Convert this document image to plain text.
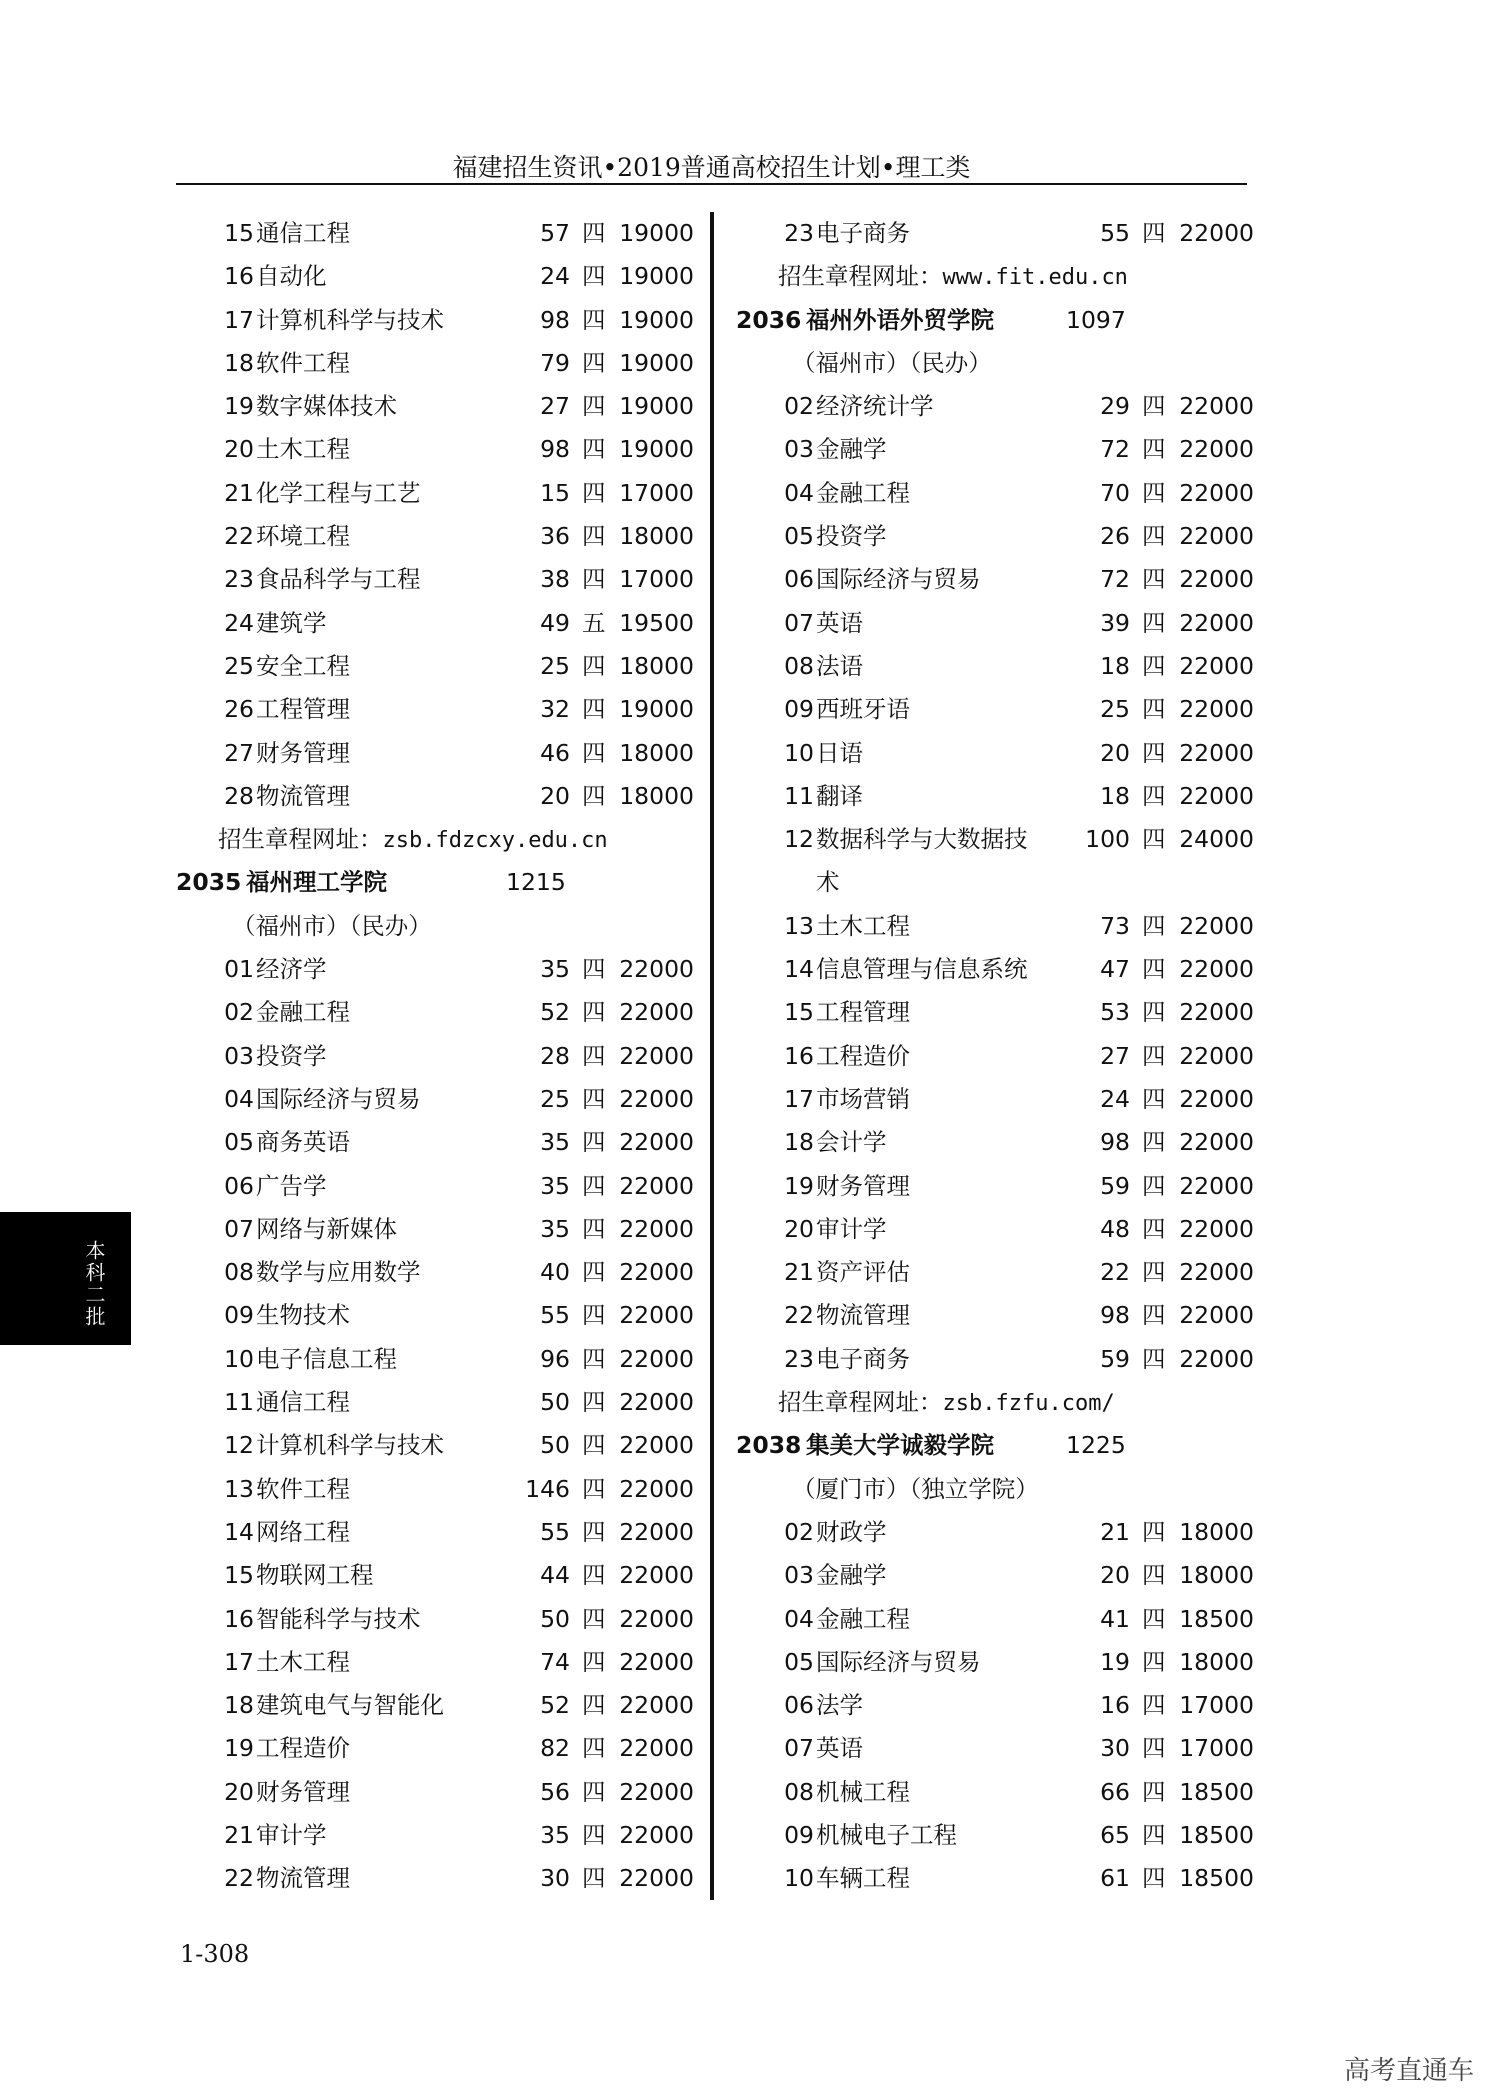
福建招生资讯•2019普通高校招生计划•理工类
15 通信工程	57 四 19000
16 自动化	24 四 19000
17 计算机科学与技术	98 四 19000
18 软件工程	79 四 19000
19 数字媒体技术	27 四 19000
20 土木工程	98 四 19000
21 化学工程与工艺	15 四 17000
22 环境工程	36 四 18000
23 食品科学与工程	38 四 17000
24 建筑学	49 五 19500
25 安全工程	25 四 18000
26 工程管理	32 四 19000
27 财务管理	46 四 18000
28 物流管理	20 四 18000
招生章程网址：zsb.fdzcxy.edu.cn
2035 福州理工学院	1215
（福州市）（民办）
01 经济学	35 四 22000
02 金融工程	52 四 22000
03 投资学	28 四 22000
04 国际经济与贸易	25 四 22000
05 商务英语	35 四 22000
06 广告学	35 四 22000
07 网络与新媒体	35 四 22000
08 数学与应用数学	40 四 22000
09 生物技术	55 四 22000
10 电子信息工程	96 四 22000
11 通信工程	50 四 22000
12 计算机科学与技术	50 四 22000
13 软件工程	146 四 22000
14 网络工程	55 四 22000
15 物联网工程	44 四 22000
16 智能科学与技术	50 四 22000
17 土木工程	74 四 22000
18 建筑电气与智能化	52 四 22000
19 工程造价	82 四 22000
20 财务管理	56 四 22000
21 审计学	35 四 22000
22 物流管理	30 四 22000
23 电子商务	55 四 22000
招生章程网址：www.fit.edu.cn
2036 福州外语外贸学院	1097
（福州市）（民办）
02 经济统计学	29 四 22000
03 金融学	72 四 22000
04 金融工程	70 四 22000
05 投资学	26 四 22000
06 国际经济与贸易	72 四 22000
07 英语	39 四 22000
08 法语	18 四 22000
09 西班牙语	25 四 22000
10 日语	20 四 22000
11 翻译	18 四 22000
12 数据科学与大数据技	100 四 24000
术
13 土木工程	73 四 22000
14 信息管理与信息系统	47 四 22000
15 工程管理	53 四 22000
16 工程造价	27 四 22000
17 市场营销	24 四 22000
18 会计学	98 四 22000
19 财务管理	59 四 22000
20 审计学	48 四 22000
21 资产评估	22 四 22000
22 物流管理	98 四 22000
23 电子商务	59 四 22000
招生章程网址：zsb.fzfu.com/
2038 集美大学诚毅学院	1225
（厦门市）（独立学院）
02 财政学	21 四 18000
03 金融学	20 四 18000
04 金融工程	41 四 18500
05 国际经济与贸易	19 四 18000
06 法学	16 四 17000
07 英语	30 四 17000
08 机械工程	66 四 18500
09 机械电子工程	65 四 18500
10 车辆工程	61 四 18500
本科二批
1-308
高考直通车
